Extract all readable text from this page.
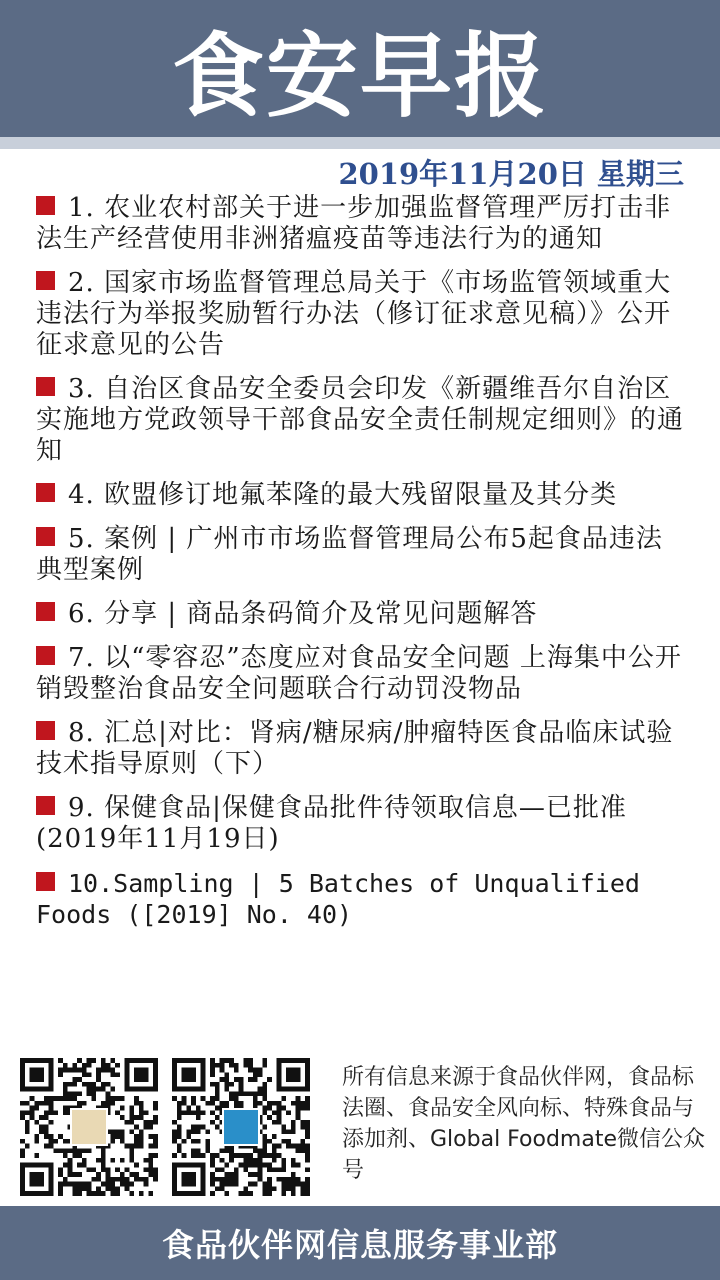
食安早报
2019年11月20日 星期三
1. 农业农村部关于进一步加强监督管理严厉打击非法生产经营使用非洲猪瘟疫苗等违法行为的通知
2. 国家市场监督管理总局关于《市场监管领域重大违法行为举报奖励暂行办法（修订征求意见稿）》公开征求意见的公告
3. 自治区食品安全委员会印发《新疆维吾尔自治区实施地方党政领导干部食品安全责任制规定细则》的通知
4. 欧盟修订地氟苯隆的最大残留限量及其分类
5. 案例 | 广州市市场监督管理局公布5起食品违法典型案例
6. 分享 | 商品条码简介及常见问题解答
7. 以“零容忍”态度应对食品安全问题 上海集中公开销毁整治食品安全问题联合行动罚没物品
8. 汇总|对比：肾病/糖尿病/肿瘤特医食品临床试验技术指导原则（下）
9. 保健食品|保健食品批件待领取信息—已批准(2019年11月19日)
10.Sampling | 5 Batches of Unqualified Foods ([2019] No. 40)
所有信息来源于食品伙伴网，食品标法圈、食品安全风向标、特殊食品与添加剂、Global Foodmate微信公众号
食品伙伴网信息服务事业部
